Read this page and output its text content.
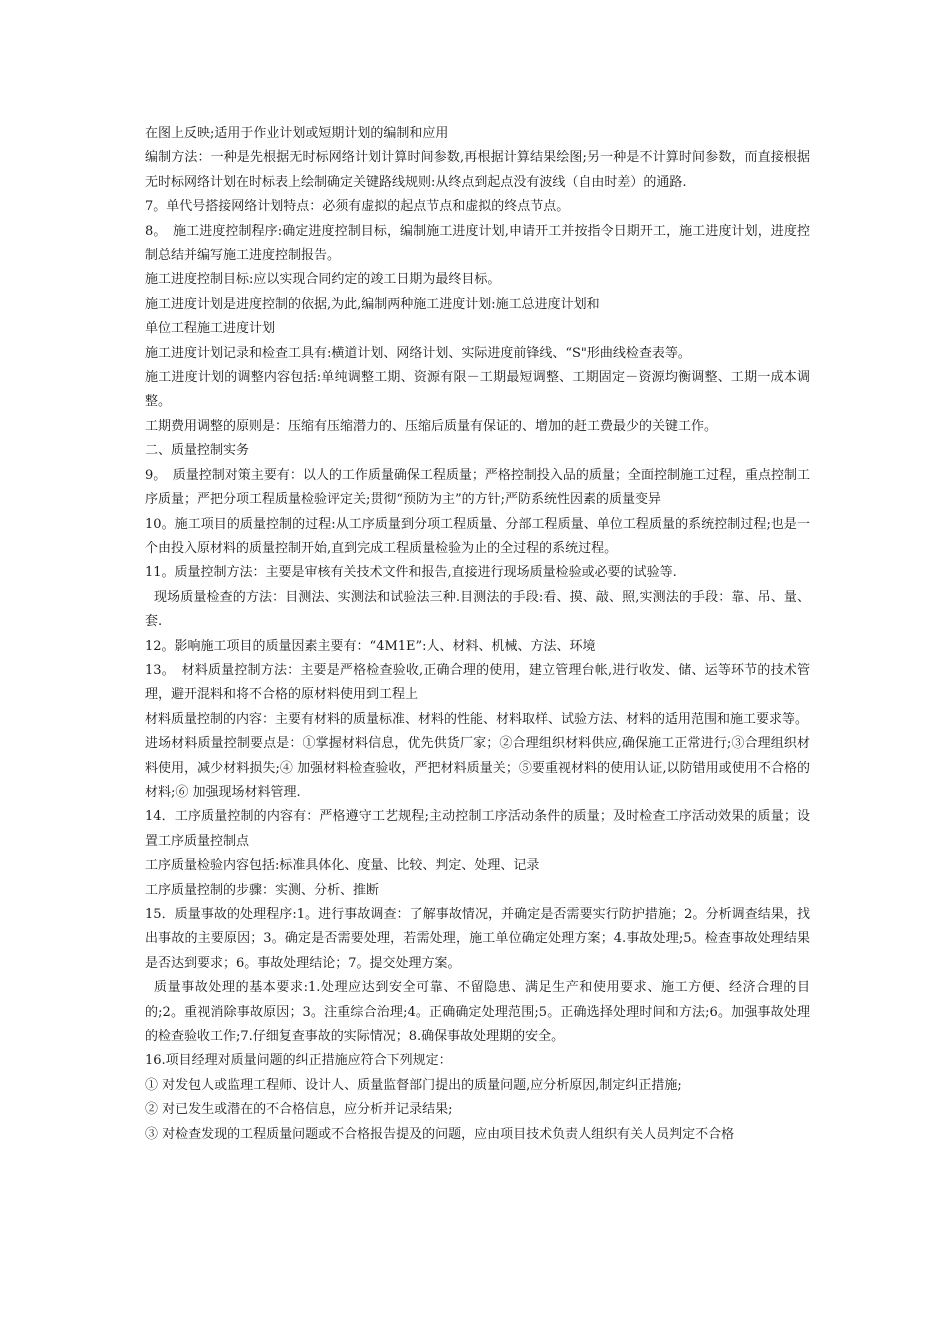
在图上反映;适用于作业计划或短期计划的编制和应用

编制方法：一种是先根据无时标网络计划计算时间参数,再根据计算结果绘图;另一种是不计算时间参数，而直接根据无时标网络计划在时标表上绘制确定关键路线规则:从终点到起点没有波线（自由时差）的通路.

7。单代号搭接网络计划特点：必须有虚拟的起点节点和虚拟的终点节点。

8。　施工进度控制程序:确定进度控制目标，编制施工进度计划,申请开工并按指令日期开工，施工进度计划，进度控制总结并编写施工进度控制报告。

施工进度控制目标:应以实现合同约定的竣工日期为最终目标。

施工进度计划是进度控制的依据,为此,编制两种施工进度计划:施工总进度计划和

单位工程施工进度计划

施工进度计划记录和检查工具有:横道计划、网络计划、实际进度前锋线、“S"形曲线检查表等。

施工进度计划的调整内容包括:单纯调整工期、资源有限－工期最短调整、工期固定－资源均衡调整、工期一成本调整。

工期费用调整的原则是：压缩有压缩潜力的、压缩后质量有保证的、增加的赶工费最少的关键工作。

二、质量控制实务

9。　质量控制对策主要有：以人的工作质量确保工程质量；严格控制投入品的质量；全面控制施工过程，重点控制工序质量；严把分项工程质量检验评定关;贯彻“预防为主”的方针;严防系统性因素的质量变异

10。施工项目的质量控制的过程:从工序质量到分项工程质量、分部工程质量、单位工程质量的系统控制过程;也是一个由投入原材料的质量控制开始,直到完成工程质量检验为止的全过程的系统过程。

11。质量控制方法：主要是审核有关技术文件和报告,直接进行现场质量检验或必要的试验等.

现场质量检查的方法：目测法、实测法和试验法三种.目测法的手段:看、摸、敲、照,实测法的手段：靠、吊、量、套.

12。影响施工项目的质量因素主要有：“4M1E”:人、材料、机械、方法、环境

13。　材料质量控制方法：主要是严格检查验收,正确合理的使用，建立管理台帐,进行收发、储、运等环节的技术管理，避开混料和将不合格的原材料使用到工程上

材料质量控制的内容：主要有材料的质量标准、材料的性能、材料取样、试验方法、材料的适用范围和施工要求等。

进场材料质量控制要点是：①掌握材料信息，优先供货厂家；②合理组织材料供应,确保施工正常进行;③合理组织材料使用，减少材料损失;④ 加强材料检查验收，严把材料质量关；⑤要重视材料的使用认证,以防错用或使用不合格的材料;⑥ 加强现场材料管理.

14．工序质量控制的内容有：严格遵守工艺规程;主动控制工序活动条件的质量；及时检查工序活动效果的质量；设置工序质量控制点

工序质量检验内容包括:标准具体化、度量、比较、判定、处理、记录

工序质量控制的步骤：实测、分析、推断

15．质量事故的处理程序:1。进行事故调查：了解事故情况，并确定是否需要实行防护措施；2。分析调查结果，找出事故的主要原因；3。确定是否需要处理，若需处理，施工单位确定处理方案；4.事故处理;5。检查事故处理结果是否达到要求；6。事故处理结论；7。提交处理方案。

质量事故处理的基本要求:1.处理应达到安全可靠、不留隐患、满足生产和使用要求、施工方便、经济合理的目的;2。重视消除事故原因；3。注重综合治理;4。正确确定处理范围;5。正确选择处理时间和方法;6。加强事故处理的检查验收工作;7.仔细复查事故的实际情况；8.确保事故处理期的安全。

16.项目经理对质量问题的纠正措施应符合下列规定：

① 对发包人或监理工程师、设计人、质量监督部门提出的质量问题,应分析原因,制定纠正措施;

② 对已发生或潜在的不合格信息，应分析并记录结果;

③ 对检查发现的工程质量问题或不合格报告提及的问题，应由项目技术负责人组织有关人员判定不合格
